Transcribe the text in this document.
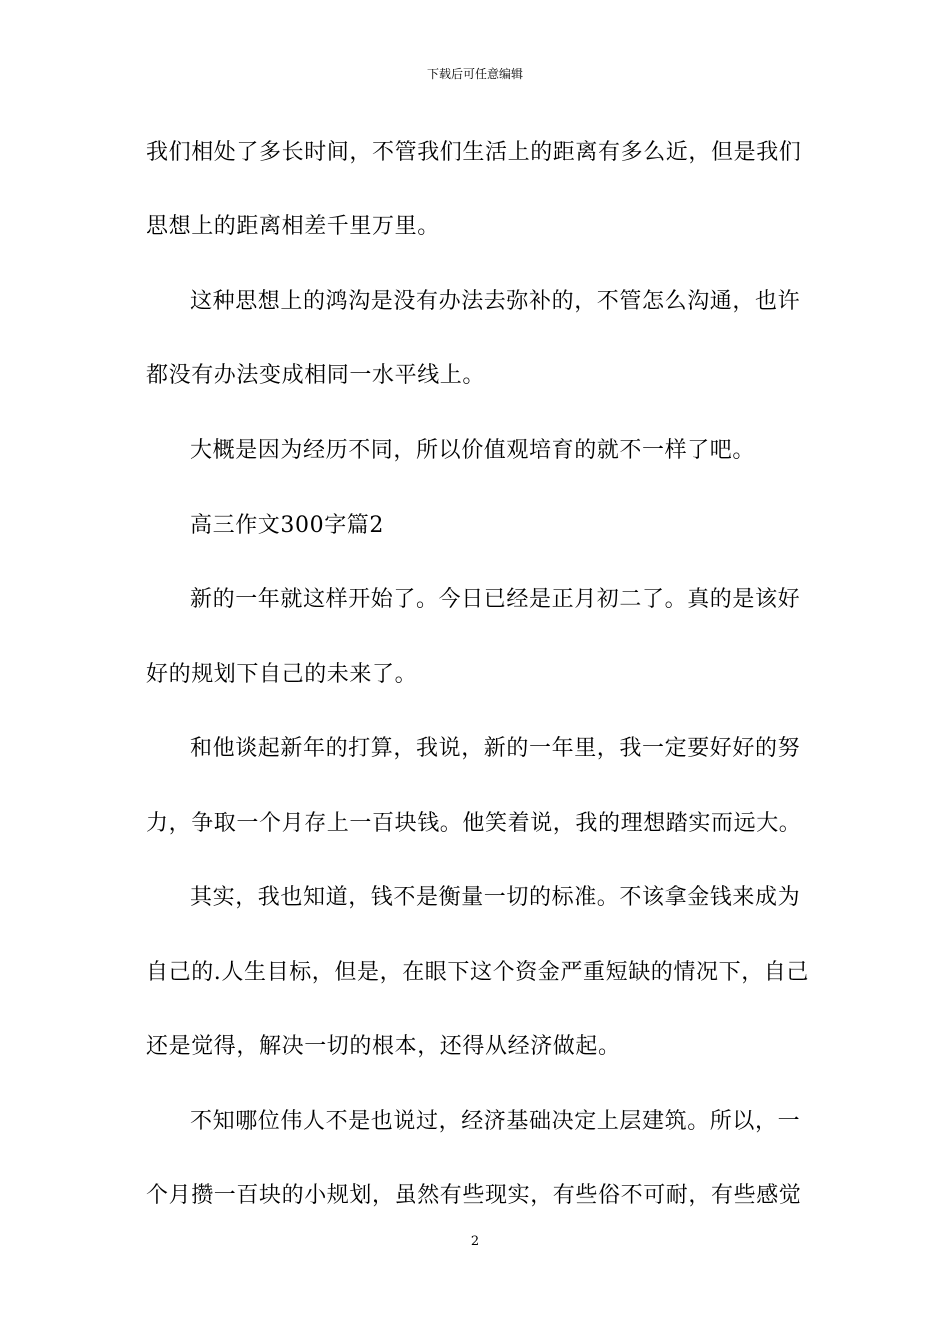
下载后可任意编辑
我们相处了多长时间，不管我们生活上的距离有多么近，但是我们
思想上的距离相差千里万里。
这种思想上的鸿沟是没有办法去弥补的，不管怎么沟通，也许
都没有办法变成相同一水平线上。
大概是因为经历不同，所以价值观培育的就不一样了吧。
高三作文300字篇2
新的一年就这样开始了。今日已经是正月初二了。真的是该好
好的规划下自己的未来了。
和他谈起新年的打算，我说，新的一年里，我一定要好好的努
力，争取一个月存上一百块钱。他笑着说，我的理想踏实而远大。
其实，我也知道，钱不是衡量一切的标准。不该拿金钱来成为
自己的.人生目标，但是，在眼下这个资金严重短缺的情况下，自己
还是觉得，解决一切的根本，还得从经济做起。
不知哪位伟人不是也说过，经济基础决定上层建筑。所以，一
个月攒一百块的小规划，虽然有些现实，有些俗不可耐，有些感觉
2
